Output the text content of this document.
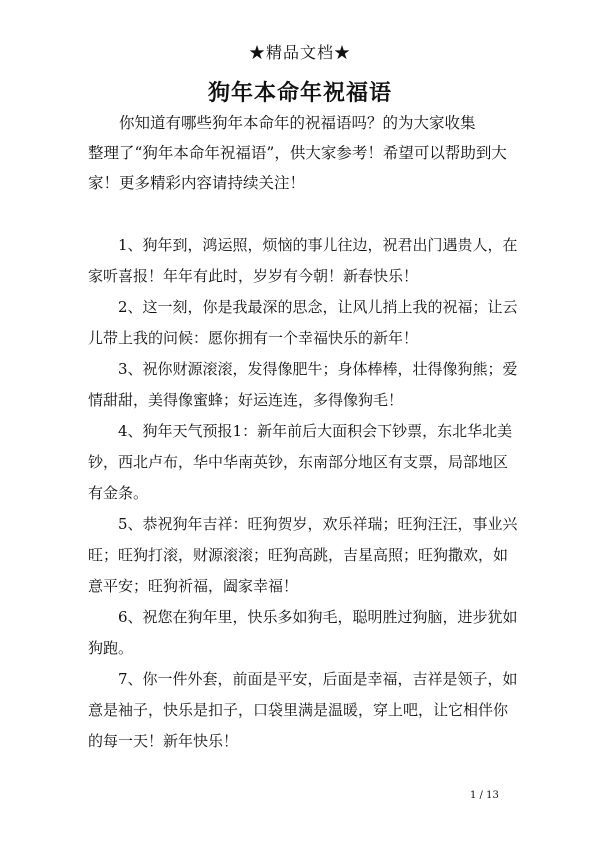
★精品文档★
狗年本命年祝福语

你知道有哪些狗年本命年的祝福语吗？的为大家收集

整理了“狗年本命年祝福语”，供大家参考！希望可以帮助到大家！更多精彩内容请持续关注！

1、狗年到，鸿运照，烦恼的事儿往边，祝君出门遇贵人，在家听喜报！年年有此时，岁岁有今朝！新春快乐！

2、这一刻，你是我最深的思念，让风儿捎上我的祝福；让云儿带上我的问候：愿你拥有一个幸福快乐的新年！

3、祝你财源滚滚，发得像肥牛；身体棒棒，壮得像狗熊；爱情甜甜，美得像蜜蜂；好运连连，多得像狗毛！

4、狗年天气预报1：新年前后大面积会下钞票，东北华北美钞，西北卢布，华中华南英钞，东南部分地区有支票，局部地区有金条。

5、恭祝狗年吉祥：旺狗贺岁，欢乐祥瑞；旺狗汪汪，事业兴旺；旺狗打滚，财源滚滚；旺狗高跳，吉星高照；旺狗撒欢，如意平安；旺狗祈福，阖家幸福！

6、祝您在狗年里，快乐多如狗毛，聪明胜过狗脑，进步犹如狗跑。

7、你一件外套，前面是平安，后面是幸福，吉祥是领子，如意是袖子，快乐是扣子，口袋里满是温暖，穿上吧，让它相伴你的每一天！新年快乐！

1 / 13
